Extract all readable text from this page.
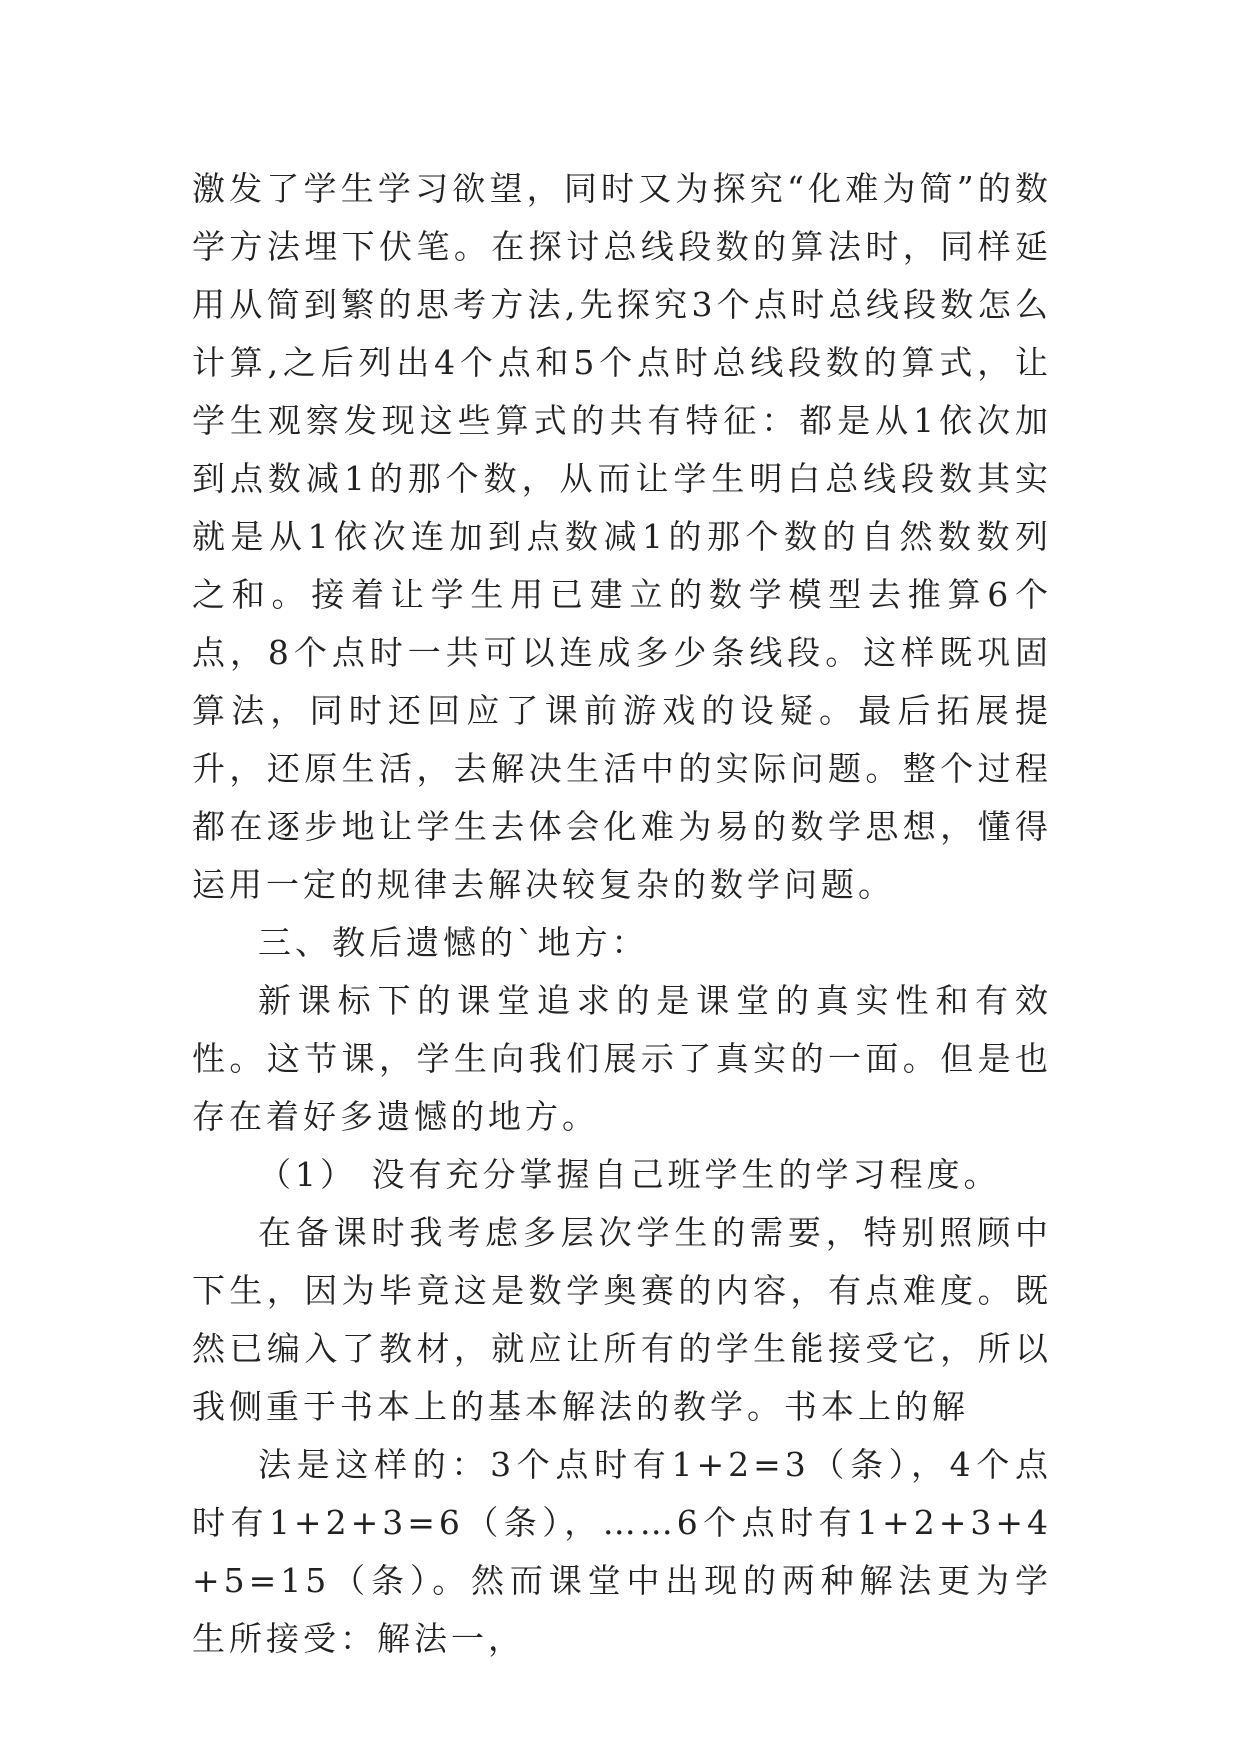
激发了学生学习欲望，同时又为探究“化难为简”的数学方法埋下伏笔。在探讨总线段数的算法时，同样延用从简到繁的思考方法,先探究3个点时总线段数怎么计算,之后列出4个点和5个点时总线段数的算式，让学生观察发现这些算式的共有特征：都是从1依次加到点数减1的那个数，从而让学生明白总线段数其实就是从1依次连加到点数减1的那个数的自然数数列之和。接着让学生用已建立的数学模型去推算6个点，8个点时一共可以连成多少条线段。这样既巩固算法，同时还回应了课前游戏的设疑。最后拓展提升，还原生活，去解决生活中的实际问题。整个过程都在逐步地让学生去体会化难为易的数学思想，懂得运用一定的规律去解决较复杂的数学问题。

三、教后遗憾的`地方：

新课标下的课堂追求的是课堂的真实性和有效性。这节课，学生向我们展示了真实的一面。但是也存在着好多遗憾的地方。

（1） 没有充分掌握自己班学生的学习程度。

在备课时我考虑多层次学生的需要，特别照顾中下生，因为毕竟这是数学奥赛的内容，有点难度。既然已编入了教材，就应让所有的学生能接受它，所以我侧重于书本上的基本解法的教学。书本上的解

法是这样的：3个点时有1+2=3（条），4个点时有1+2+3=6（条），……6个点时有1+2+3+4+5=15（条）。然而课堂中出现的两种解法更为学生所接受：解法一，
